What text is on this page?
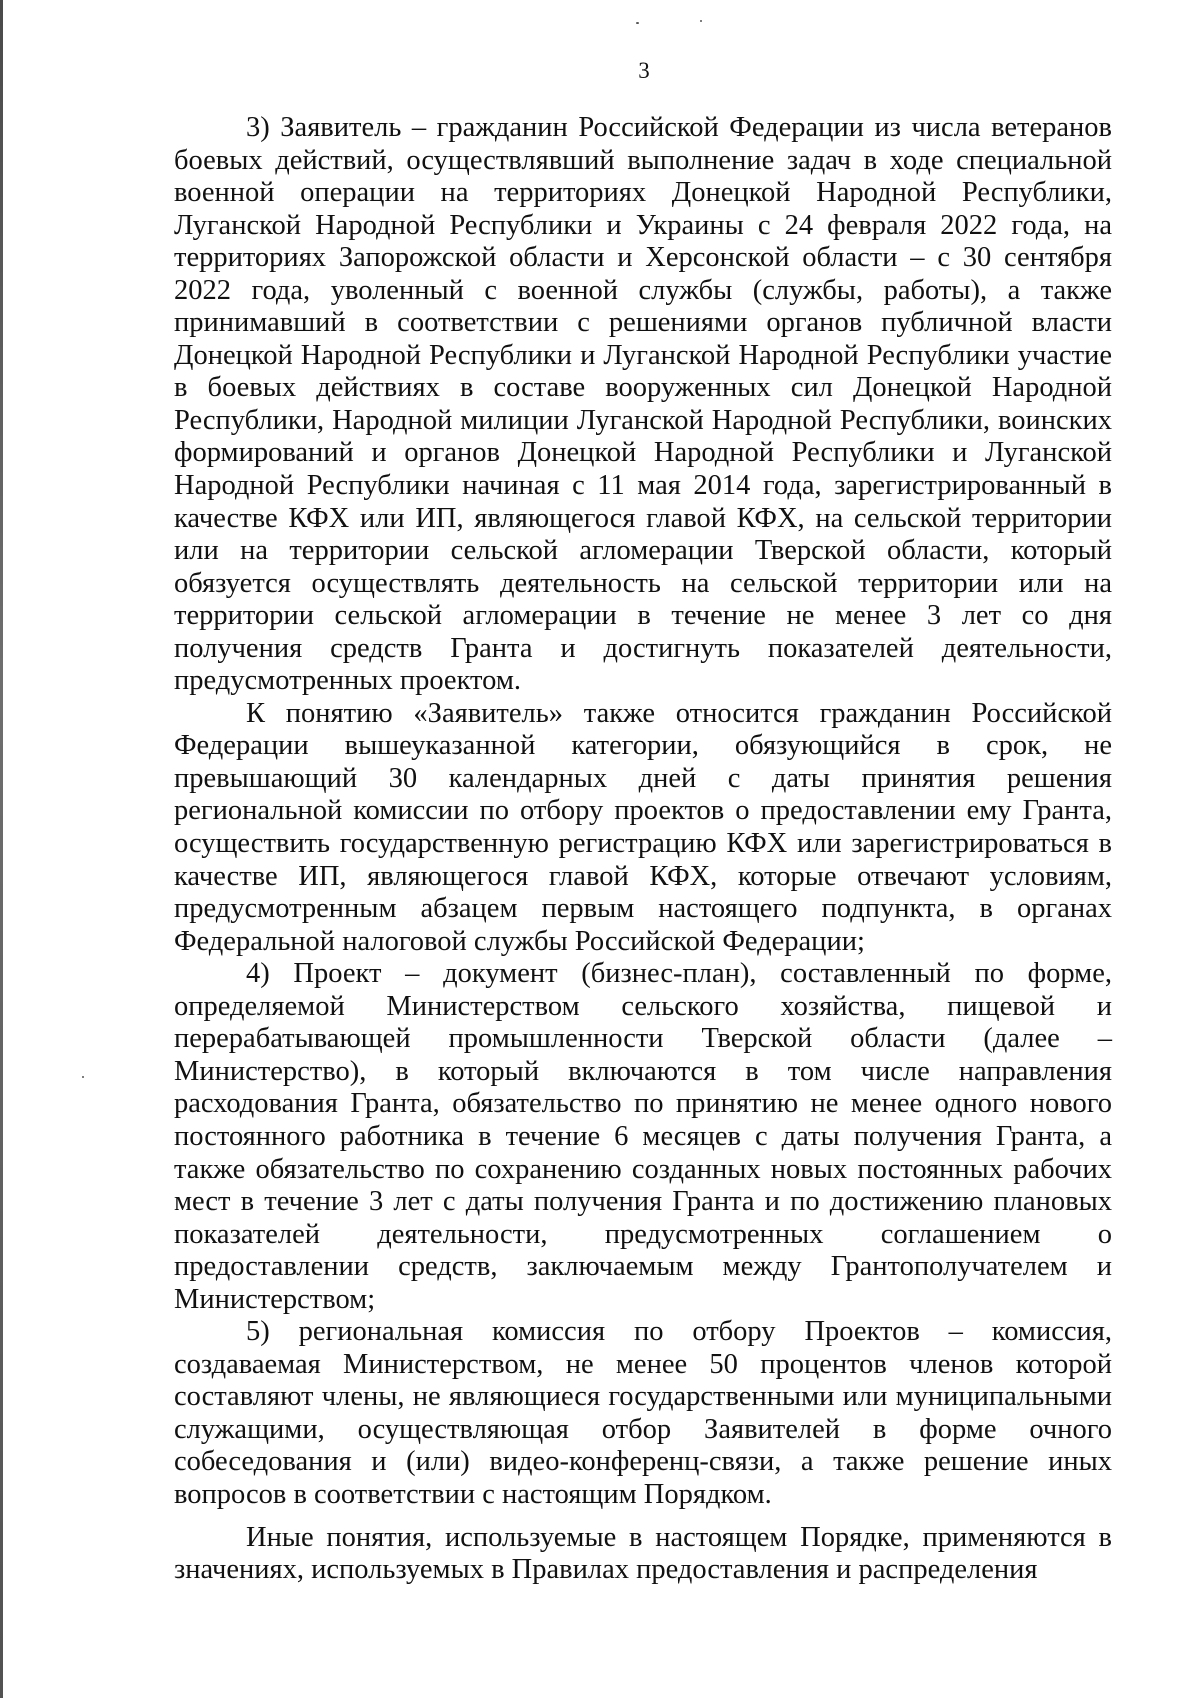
3

3) Заявитель – гражданин Российской Федерации из числа ветеранов боевых действий, осуществлявший выполнение задач в ходе специальной военной операции на территориях Донецкой Народной Республики, Луганской Народной Республики и Украины с 24 февраля 2022 года, на территориях Запорожской области и Херсонской области – с 30 сентября 2022 года, уволенный с военной службы (службы, работы), а также принимавший в соответствии с решениями органов публичной власти Донецкой Народной Республики и Луганской Народной Республики участие в боевых действиях в составе вооруженных сил Донецкой Народной Республики, Народной милиции Луганской Народной Республики, воинских формирований и органов Донецкой Народной Республики и Луганской Народной Республики начиная с 11 мая 2014 года, зарегистрированный в качестве КФХ или ИП, являющегося главой КФХ, на сельской территории или на территории сельской агломерации Тверской области, который обязуется осуществлять деятельность на сельской территории или на территории сельской агломерации в течение не менее 3 лет со дня получения средств Гранта и достигнуть показателей деятельности, предусмотренных проектом.

К понятию «Заявитель» также относится гражданин Российской Федерации вышеуказанной категории, обязующийся в срок, не превышающий 30 календарных дней с даты принятия решения региональной комиссии по отбору проектов о предоставлении ему Гранта, осуществить государственную регистрацию КФХ или зарегистрироваться в качестве ИП, являющегося главой КФХ, которые отвечают условиям, предусмотренным абзацем первым настоящего подпункта, в органах Федеральной налоговой службы Российской Федерации;

4) Проект – документ (бизнес-план), составленный по форме, определяемой Министерством сельского хозяйства, пищевой и перерабатывающей промышленности Тверской области (далее – Министерство), в который включаются в том числе направления расходования Гранта, обязательство по принятию не менее одного нового постоянного работника в течение 6 месяцев с даты получения Гранта, а также обязательство по сохранению созданных новых постоянных рабочих мест в течение 3 лет с даты получения Гранта и по достижению плановых показателей деятельности, предусмотренных соглашением о предоставлении средств, заключаемым между Грантополучателем и Министерством;

5) региональная комиссия по отбору Проектов – комиссия, создаваемая Министерством, не менее 50 процентов членов которой составляют члены, не являющиеся государственными или муниципальными служащими, осуществляющая отбор Заявителей в форме очного собеседования и (или) видео-конференц-связи, а также решение иных вопросов в соответствии с настоящим Порядком.

Иные понятия, используемые в настоящем Порядке, применяются в значениях, используемых в Правилах предоставления и распределения
